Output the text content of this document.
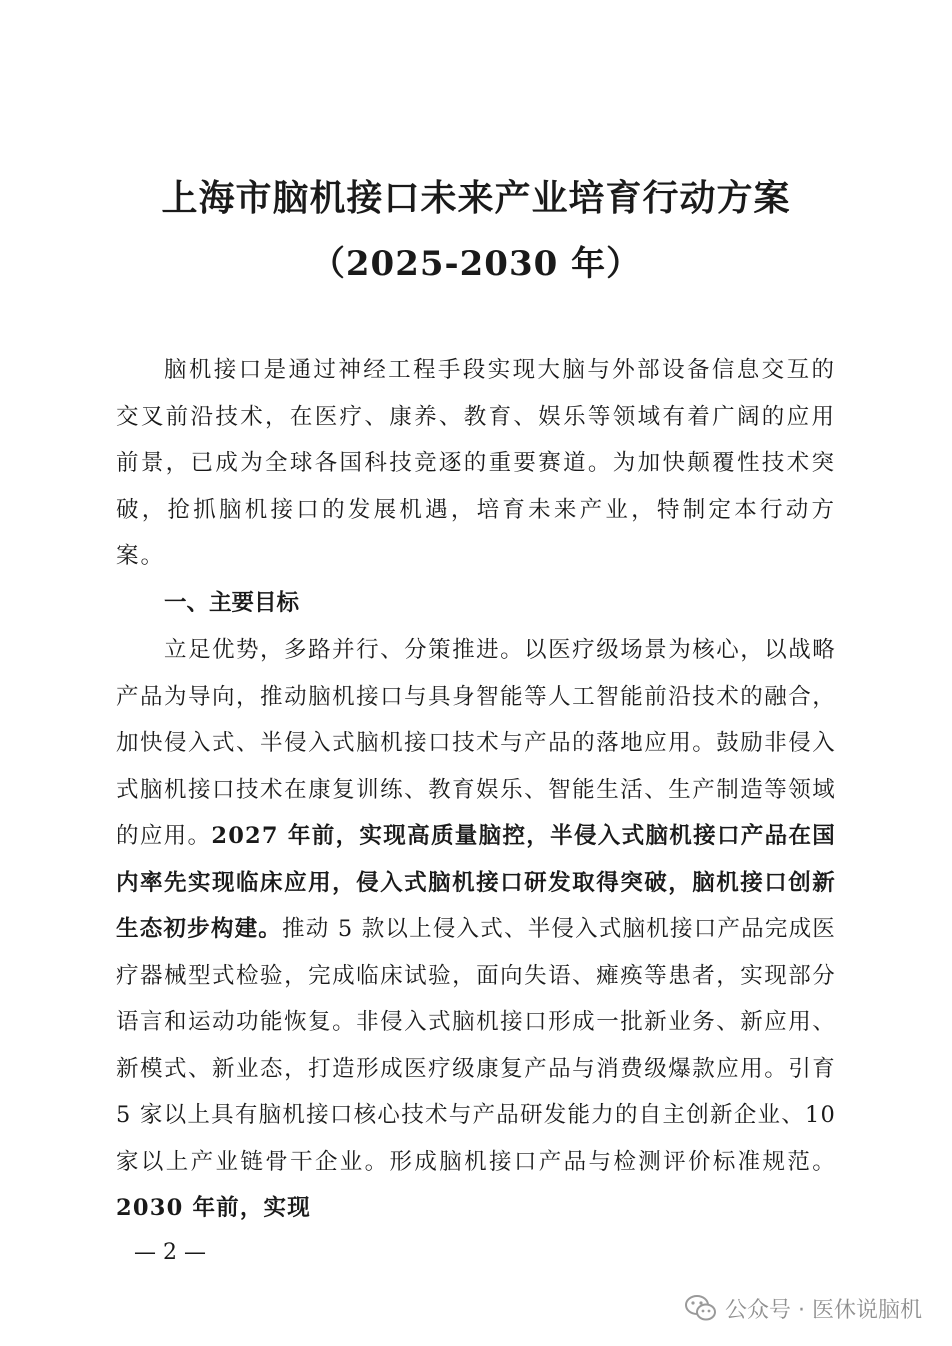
上海市脑机接口未来产业培育行动方案
（2025-2030 年）

脑机接口是通过神经工程手段实现大脑与外部设备信息交互的交叉前沿技术，在医疗、康养、教育、娱乐等领域有着广阔的应用前景，已成为全球各国科技竞逐的重要赛道。为加快颠覆性技术突破，抢抓脑机接口的发展机遇，培育未来产业，特制定本行动方案。

一、主要目标

立足优势，多路并行、分策推进。以医疗级场景为核心，以战略产品为导向，推动脑机接口与具身智能等人工智能前沿技术的融合，加快侵入式、半侵入式脑机接口技术与产品的落地应用。鼓励非侵入式脑机接口技术在康复训练、教育娱乐、智能生活、生产制造等领域的应用。2027 年前，实现高质量脑控，半侵入式脑机接口产品在国内率先实现临床应用，侵入式脑机接口研发取得突破，脑机接口创新生态初步构建。推动 5 款以上侵入式、半侵入式脑机接口产品完成医疗器械型式检验，完成临床试验，面向失语、瘫痪等患者，实现部分语言和运动功能恢复。非侵入式脑机接口形成一批新业务、新应用、新模式、新业态，打造形成医疗级康复产品与消费级爆款应用。引育 5 家以上具有脑机接口核心技术与产品研发能力的自主创新企业、10 家以上产业链骨干企业。形成脑机接口产品与检测评价标准规范。2030 年前，实现

— 2 —
公众号 · 医休说脑机
